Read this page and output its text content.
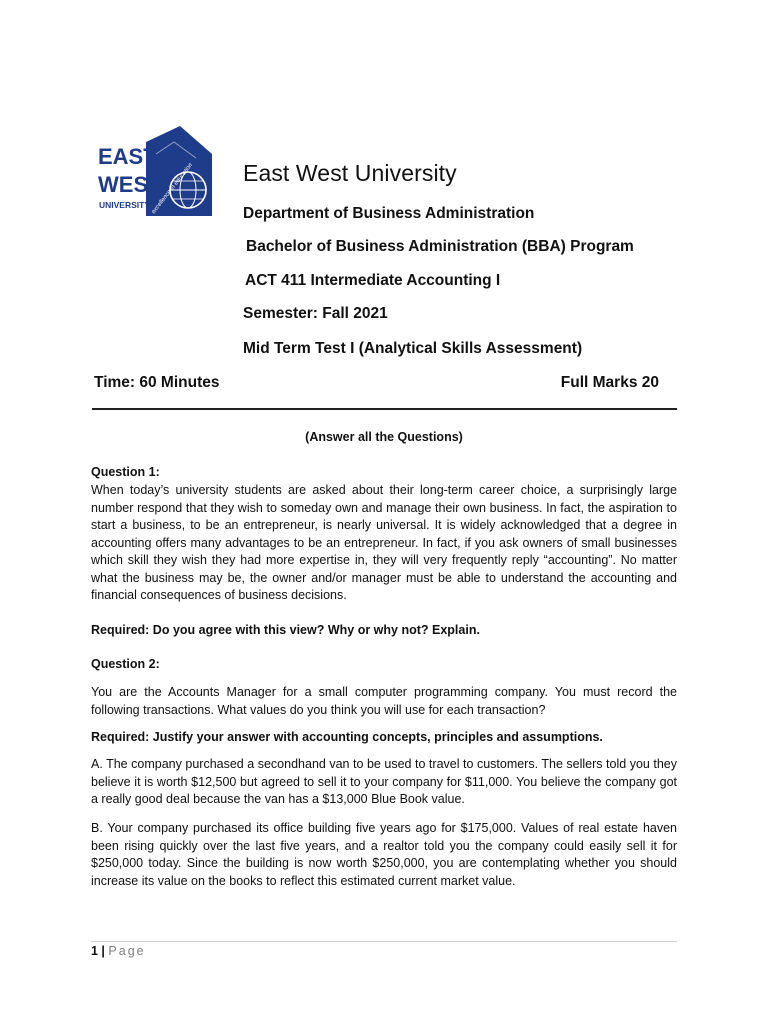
excellence in education
EAST
WEST
UNIVERSITY
East West University
Department of Business Administration
Bachelor of Business Administration (BBA) Program
ACT 411 Intermediate Accounting I
Semester: Fall 2021
Mid Term Test I (Analytical Skills Assessment)
Time: 60 Minutes	Full Marks 20
(Answer all the Questions)
Question 1:
When today’s university students are asked about their long-term career choice, a surprisingly large number respond that they wish to someday own and manage their own business. In fact, the aspiration to start a business, to be an entrepreneur, is nearly universal. It is widely acknowledged that a degree in accounting offers many advantages to be an entrepreneur. In fact, if you ask owners of small businesses which skill they wish they had more expertise in, they will very frequently reply “accounting”. No matter what the business may be, the owner and/or manager must be able to understand the accounting and financial consequences of business decisions.
Required: Do you agree with this view? Why or why not? Explain.
Question 2:
You are the Accounts Manager for a small computer programming company. You must record the following transactions. What values do you think you will use for each transaction?
Required: Justify your answer with accounting concepts, principles and assumptions.
A. The company purchased a secondhand van to be used to travel to customers. The sellers told you they believe it is worth $12,500 but agreed to sell it to your company for $11,000. You believe the company got a really good deal because the van has a $13,000 Blue Book value.
B. Your company purchased its office building five years ago for $175,000. Values of real estate haven been rising quickly over the last five years, and a realtor told you the company could easily sell it for $250,000 today. Since the building is now worth $250,000, you are contemplating whether you should increase its value on the books to reflect this estimated current market value.
1 | Page
